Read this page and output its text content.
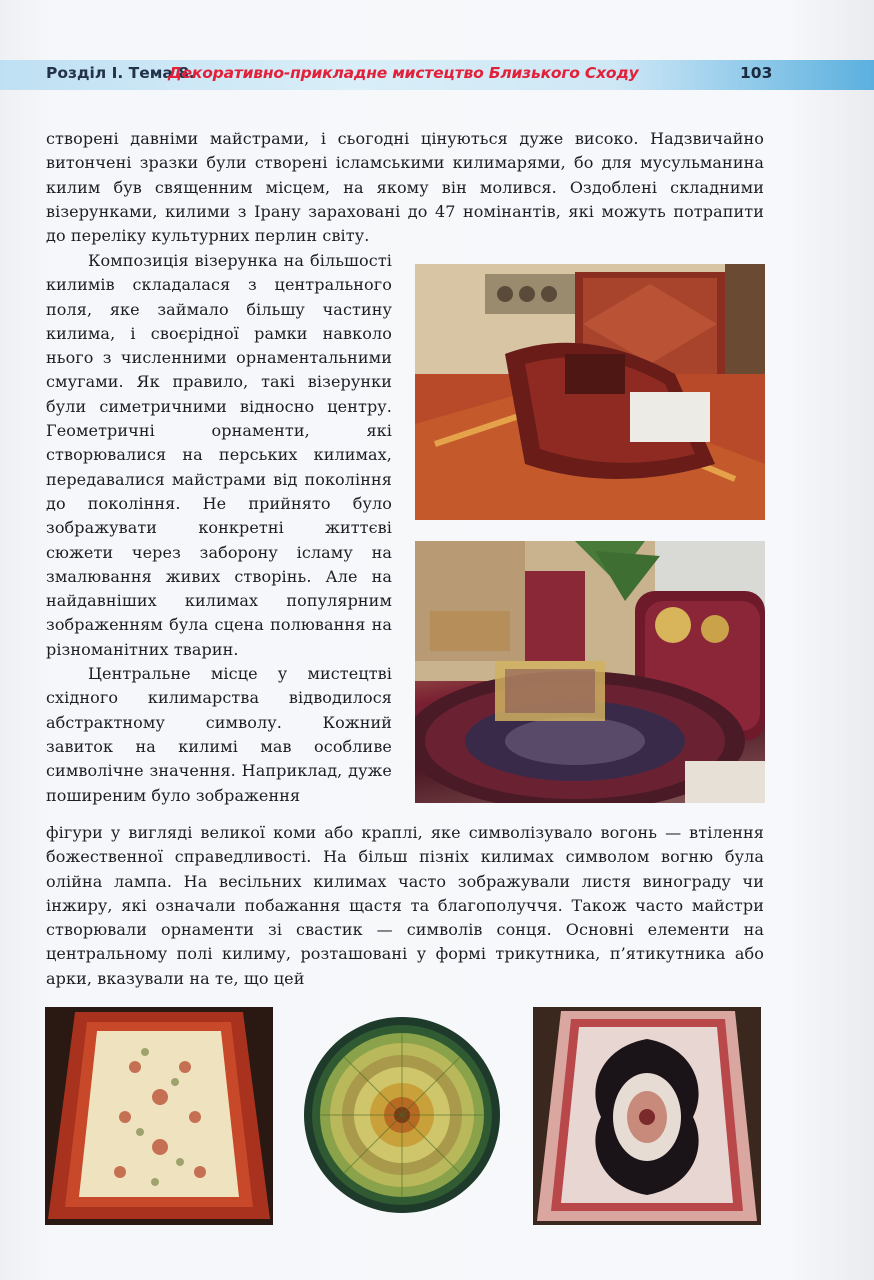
Розділ І. Тема 8.
Декоративно-прикладне мистецтво Близького Сходу	103

створені давніми майстрами, і сьогодні цінуються дуже високо. Надзвичайно витончені зразки були створені ісламськими килимарями, бо для мусульманина килим був священним місцем, на якому він молився. Оздоблені складними візерунками, килими з Ірану зараховані до 47 номінантів, які можуть потрапити до переліку культурних перлин світу.

Композиція візерунка на більшості килимів складалася з центрального поля, яке займало більшу частину килима, і своєрідної рамки навколо нього з численними орнаментальними смугами. Як правило, такі візерунки були симетричними відносно центру. Геометричні орнаменти, які створювалися на перських килимах, передавалися майстрами від покоління до покоління. Не прийнято було зображувати конкретні життєві сюжети через заборону ісламу на змалювання живих створінь. Але на найдавніших килимах популярним зображенням була сцена полювання на різноманітних тварин.

Центральне місце у мистецтві східного килимарства відводилося абстрактному символу. Кожний завиток на килимі мав особливе символічне значення. Наприклад, дуже поширеним було зображення

фігури у вигляді великої коми або краплі, яке символізувало вогонь — втілення божественної справедливості. На більш пізніх килимах символом вогню була олійна лампа. На весільних килимах часто зображували листя винограду чи інжиру, які означали побажання щастя та благополуччя. Також часто майстри створювали орнаменти зі свастик — символів сонця. Основні елементи на центральному полі килиму, розташовані у формі трикутника, п’ятикутника або арки, вказували на те, що цей
